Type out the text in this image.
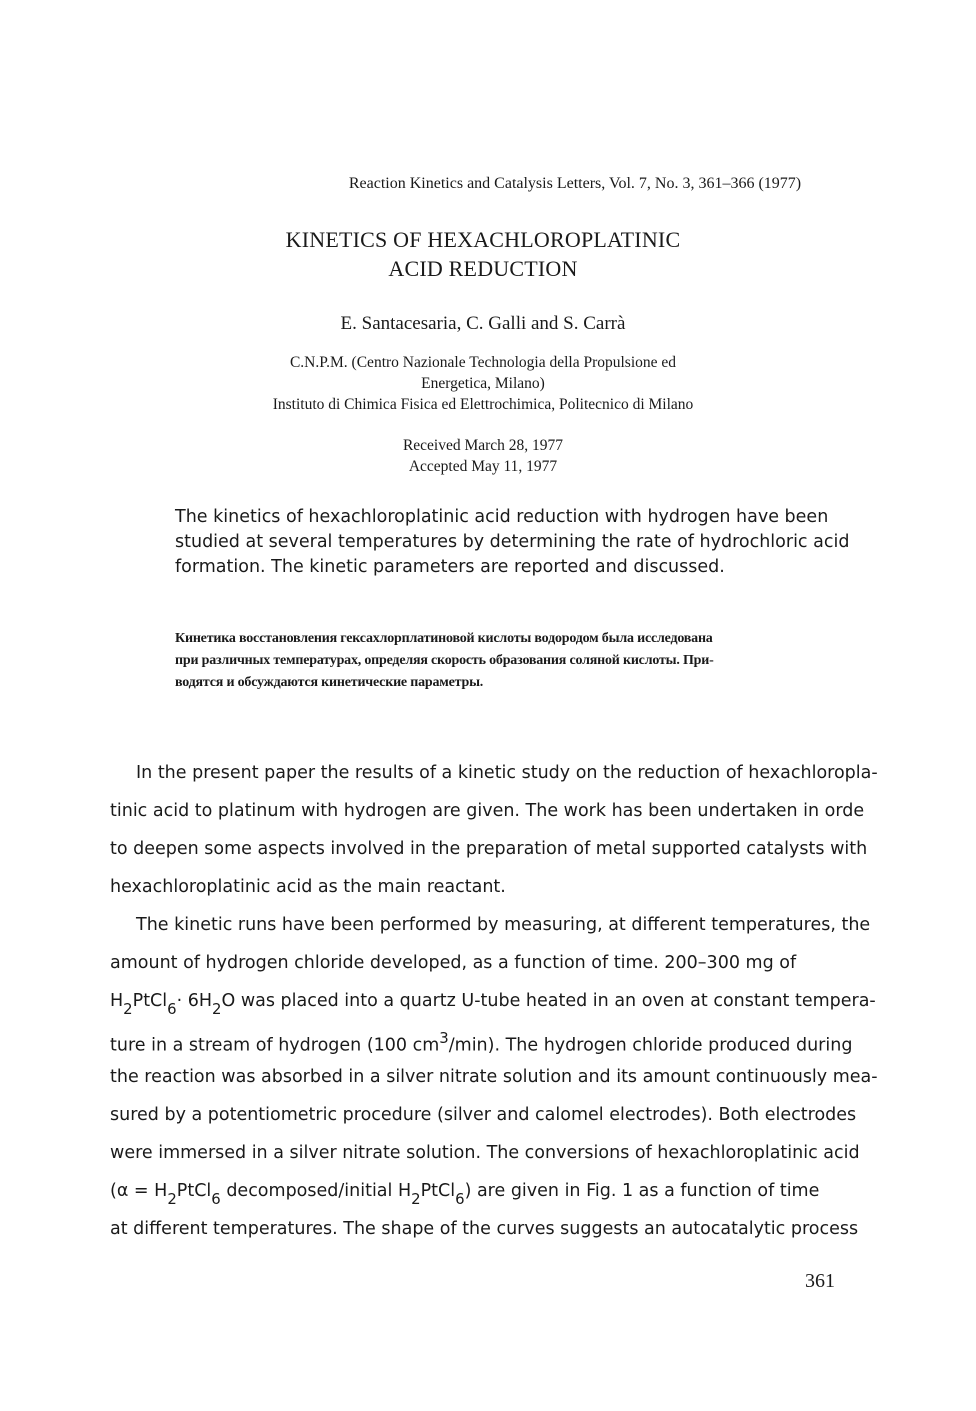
Reaction Kinetics and Catalysis Letters, Vol. 7, No. 3, 361–366 (1977)
KINETICS OF HEXACHLOROPLATINIC
ACID REDUCTION
E. Santacesaria, C. Galli and S. Carrà
C.N.P.M. (Centro Nazionale Technologia della Propulsione ed
Energetica, Milano)
Instituto di Chimica Fisica ed Elettrochimica, Politecnico di Milano
Received March 28, 1977
Accepted May 11, 1977
The kinetics of hexachloroplatinic acid reduction with hydrogen have been
studied at several temperatures by determining the rate of hydrochloric acid
formation. The kinetic parameters are reported and discussed.
Кинетика восстановления гексахлорплатиновой кислоты водородом была исследована
при различных температурах, определяя скорость образования соляной кислоты. При-
водятся и обсуждаются кинетические параметры.
In the present paper the results of a kinetic study on the reduction of hexachloropla-
tinic acid to platinum with hydrogen are given. The work has been undertaken in orde
to deepen some aspects involved in the preparation of metal supported catalysts with
hexachloroplatinic acid as the main reactant.
The kinetic runs have been performed by measuring, at different temperatures, the
amount of hydrogen chloride developed, as a function of time. 200–300 mg of
$H_2PtCl_6\cdot 6H_2O$ was placed into a quartz U-tube heated in an oven at constant tempera-
ture in a stream of hydrogen (100 $cm^3/\min$). The hydrogen chloride produced during
the reaction was absorbed in a silver nitrate solution and its amount continuously mea-
sured by a potentiometric procedure (silver and calomel electrodes). Both electrodes
were immersed in a silver nitrate solution. The conversions of hexachloroplatinic acid
($\alpha = H_2PtCl_6$ decomposed/initial $H_2PtCl_6$) are given in Fig. 1 as a function of time
at different temperatures. The shape of the curves suggests an autocatalytic process
361
